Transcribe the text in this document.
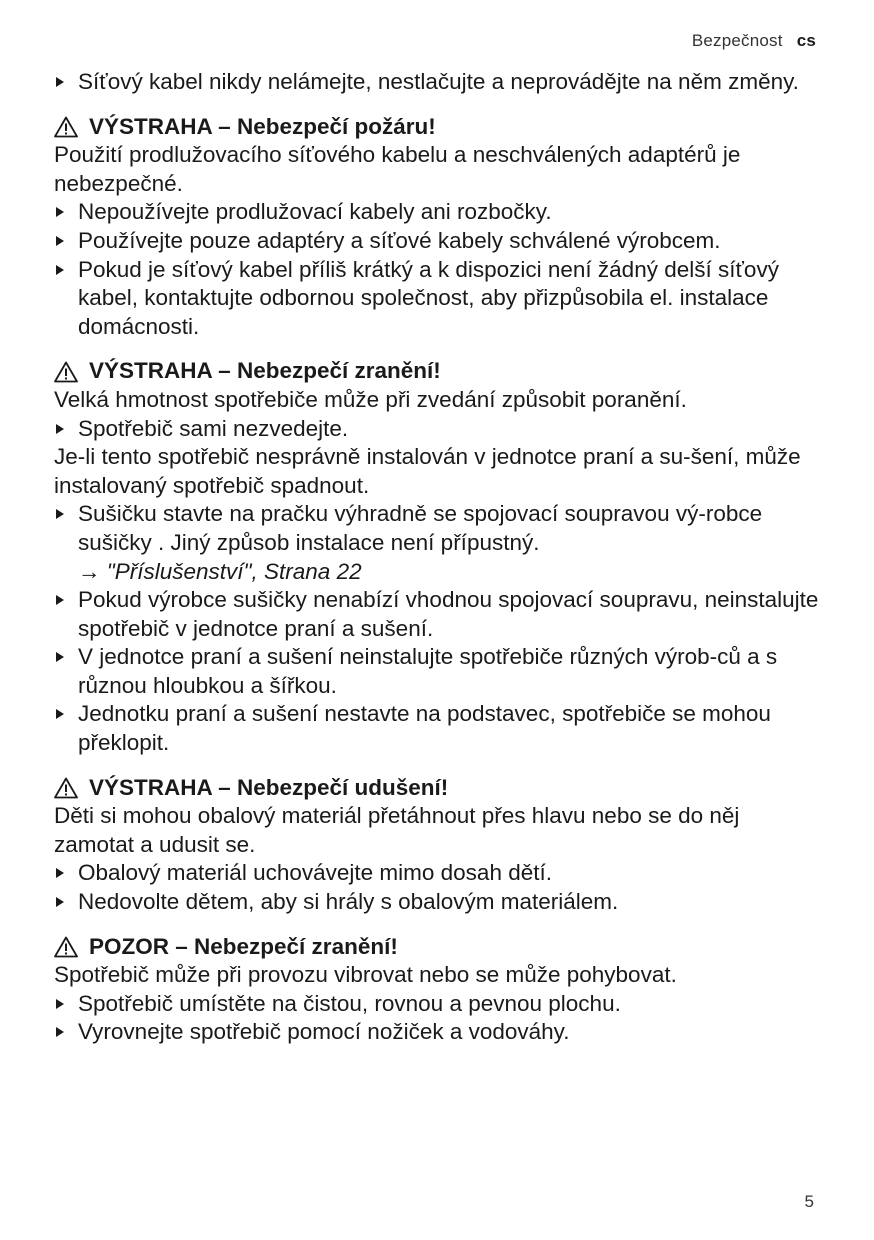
Bezpečnost cs
Síťový kabel nikdy nelámejte, nestlačujte a neprovádějte na něm změny.
VÝSTRAHA – Nebezpečí požáru!
Použití prodlužovacího síťového kabelu a neschválených adaptérů je nebezpečné.
Nepoužívejte prodlužovací kabely ani rozbočky.
Používejte pouze adaptéry a síťové kabely schválené výrobcem.
Pokud je síťový kabel příliš krátký a k dispozici není žádný delší síťový kabel, kontaktujte odbornou společnost, aby přizpůsobila el. instalace domácnosti.
VÝSTRAHA – Nebezpečí zranění!
Velká hmotnost spotřebiče může při zvedání způsobit poranění.
Spotřebič sami nezvedejte.
Je-li tento spotřebič nesprávně instalován v jednotce praní a su-šení, může instalovaný spotřebič spadnout.
Sušičku stavte na pračku výhradně se spojovací soupravou vý-robce sušičky . Jiný způsob instalace není přípustný.
→ "Příslušenství", Strana 22
Pokud výrobce sušičky nenabízí vhodnou spojovací soupravu, neinstalujte spotřebič v jednotce praní a sušení.
V jednotce praní a sušení neinstalujte spotřebiče různých výrob-ců a s různou hloubkou a šířkou.
Jednotku praní a sušení nestavte na podstavec, spotřebiče se mohou překlopit.
VÝSTRAHA – Nebezpečí udušení!
Děti si mohou obalový materiál přetáhnout přes hlavu nebo se do něj zamotat a udusit se.
Obalový materiál uchovávejte mimo dosah dětí.
Nedovolte dětem, aby si hrály s obalovým materiálem.
POZOR – Nebezpečí zranění!
Spotřebič může při provozu vibrovat nebo se může pohybovat.
Spotřebič umístěte na čistou, rovnou a pevnou plochu.
Vyrovnejte spotřebič pomocí nožiček a vodováhy.
5
